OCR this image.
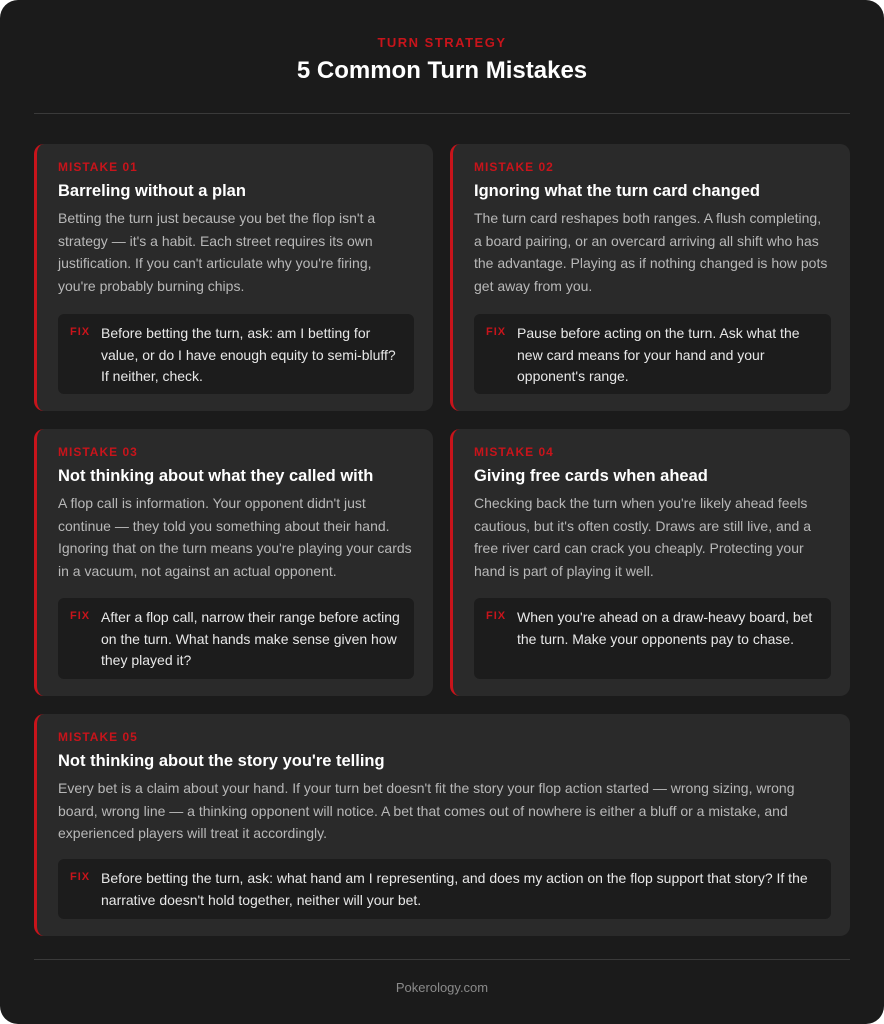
TURN STRATEGY
5 Common Turn Mistakes
MISTAKE 01
Barreling without a plan
Betting the turn just because you bet the flop isn't a strategy — it's a habit. Each street requires its own justification. If you can't articulate why you're firing, you're probably burning chips.
FIX Before betting the turn, ask: am I betting for value, or do I have enough equity to semi-bluff? If neither, check.
MISTAKE 02
Ignoring what the turn card changed
The turn card reshapes both ranges. A flush completing, a board pairing, or an overcard arriving all shift who has the advantage. Playing as if nothing changed is how pots get away from you.
FIX Pause before acting on the turn. Ask what the new card means for your hand and your opponent's range.
MISTAKE 03
Not thinking about what they called with
A flop call is information. Your opponent didn't just continue — they told you something about their hand. Ignoring that on the turn means you're playing your cards in a vacuum, not against an actual opponent.
FIX After a flop call, narrow their range before acting on the turn. What hands make sense given how they played it?
MISTAKE 04
Giving free cards when ahead
Checking back the turn when you're likely ahead feels cautious, but it's often costly. Draws are still live, and a free river card can crack you cheaply. Protecting your hand is part of playing it well.
FIX When you're ahead on a draw-heavy board, bet the turn. Make your opponents pay to chase.
MISTAKE 05
Not thinking about the story you're telling
Every bet is a claim about your hand. If your turn bet doesn't fit the story your flop action started — wrong sizing, wrong board, wrong line — a thinking opponent will notice. A bet that comes out of nowhere is either a bluff or a mistake, and experienced players will treat it accordingly.
FIX Before betting the turn, ask: what hand am I representing, and does my action on the flop support that story? If the narrative doesn't hold together, neither will your bet.
Pokerology.com
